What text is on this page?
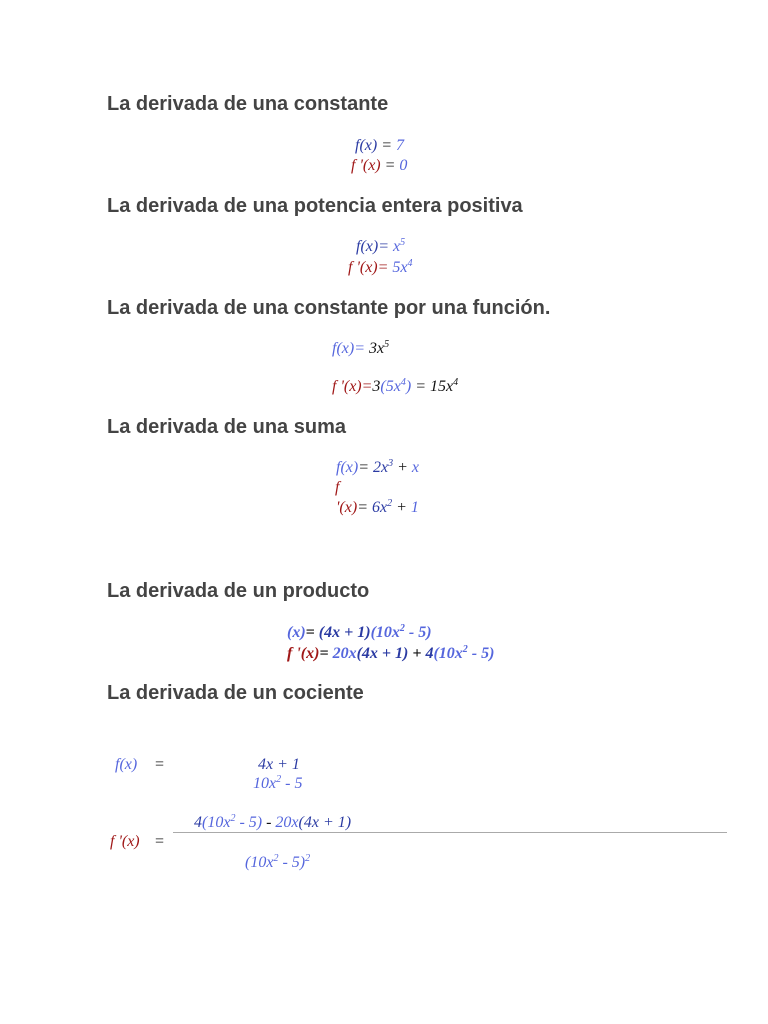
La derivada de una constante
f(x) = 7
f '(x) = 0
La derivada de una potencia entera positiva
$f(x)= x^5$
f '$(x)= 5x^4$
La derivada de una constante por una función.
$f(x)= 3x^5$
f '$(x)=3(5x^4) = 15x^4$
La derivada de una suma
$f(x)= 2x^3 + x$
f
'$(x)= 6x^2 + 1$
La derivada de un producto
$(x)= (4x + 1)(10x^2 - 5)$
f '$(x)= 20x(4x + 1) + 4(10x^2 - 5)$
La derivada de un cociente
f(x) =	4x + 1
$10x^2 - 5$
$4(10x^2 - 5) - 20x(4x + 1)$
f '(x) =
$(10x^2 - 5)^2$
